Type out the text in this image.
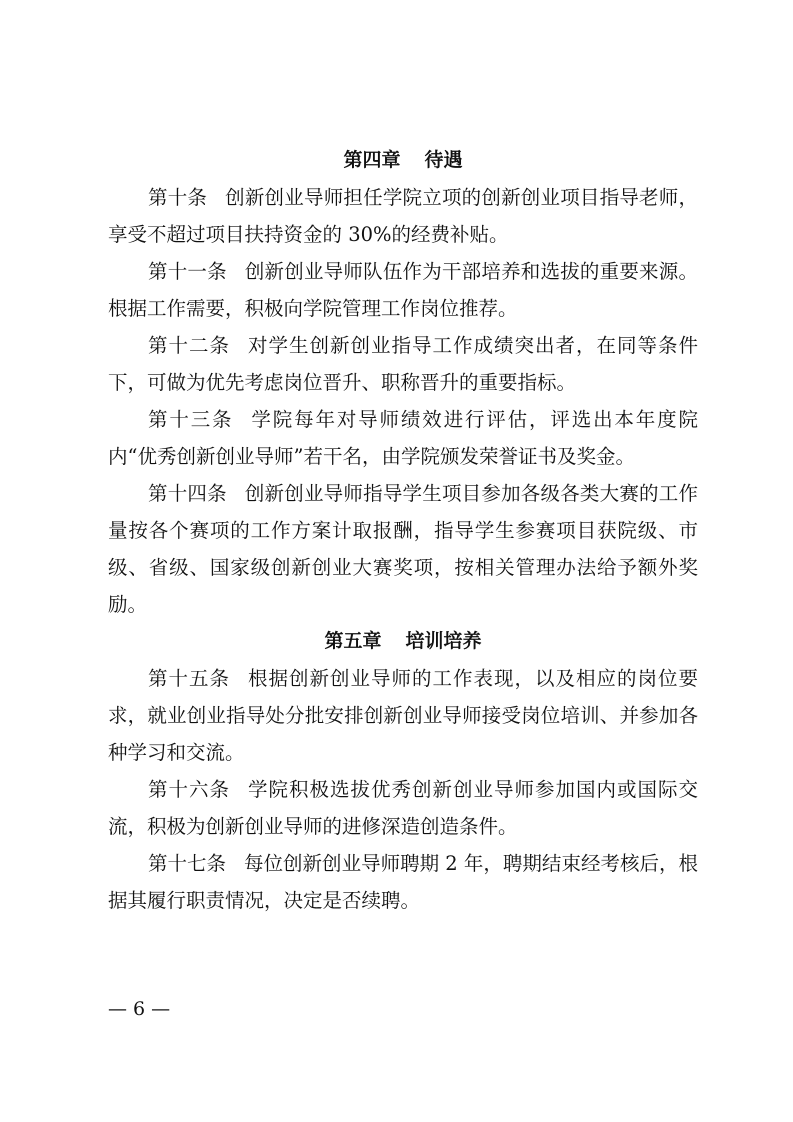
第四章 待遇

第十条 创新创业导师担任学院立项的创新创业项目指导老师，享受不超过项目扶持资金的 30%的经费补贴。

第十一条 创新创业导师队伍作为干部培养和选拔的重要来源。根据工作需要，积极向学院管理工作岗位推荐。

第十二条 对学生创新创业指导工作成绩突出者，在同等条件下，可做为优先考虑岗位晋升、职称晋升的重要指标。

第十三条 学院每年对导师绩效进行评估，评选出本年度院内“优秀创新创业导师”若干名，由学院颁发荣誉证书及奖金。

第十四条 创新创业导师指导学生项目参加各级各类大赛的工作量按各个赛项的工作方案计取报酬，指导学生参赛项目获院级、市级、省级、国家级创新创业大赛奖项，按相关管理办法给予额外奖励。

第五章 培训培养

第十五条 根据创新创业导师的工作表现，以及相应的岗位要求，就业创业指导处分批安排创新创业导师接受岗位培训、并参加各种学习和交流。

第十六条 学院积极选拔优秀创新创业导师参加国内或国际交流，积极为创新创业导师的进修深造创造条件。

第十七条 每位创新创业导师聘期 2 年，聘期结束经考核后，根据其履行职责情况，决定是否续聘。

— 6 —
